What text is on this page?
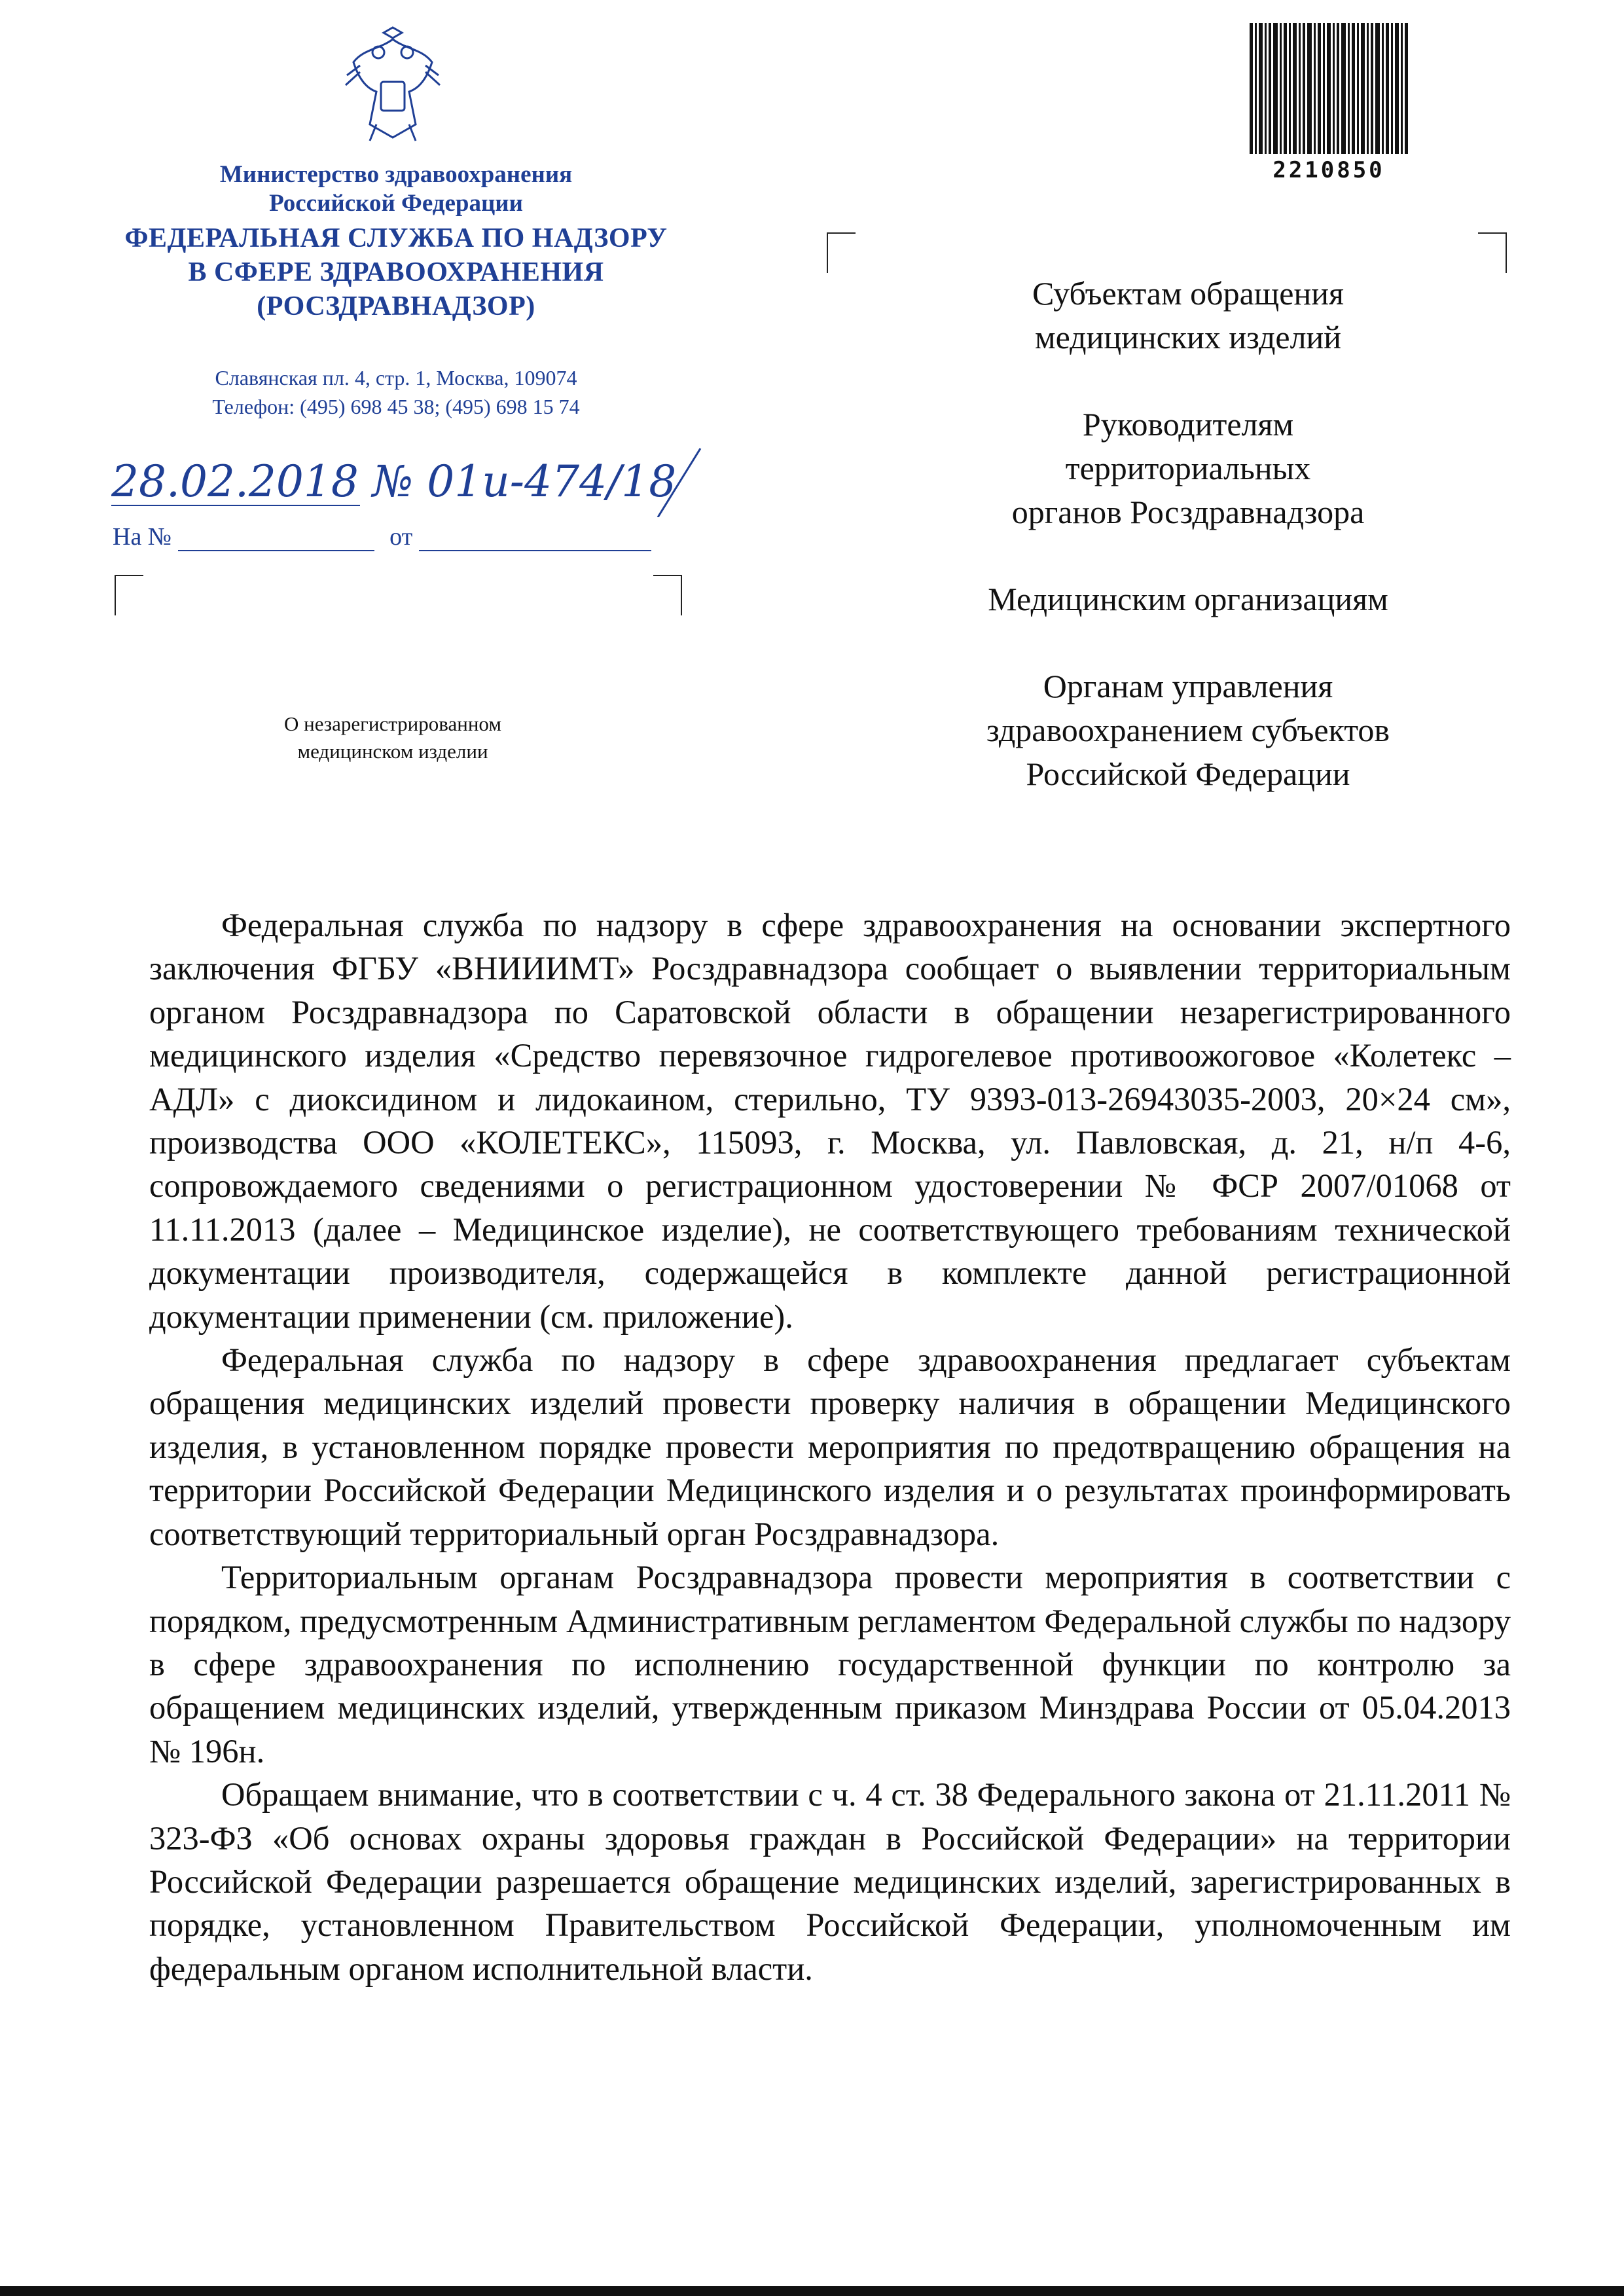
Министерство здравоохранения
Российской Федерации
ФЕДЕРАЛЬНАЯ СЛУЖБА ПО НАДЗОРУ
В СФЕРЕ ЗДРАВООХРАНЕНИЯ
(РОСЗДРАВНАДЗОР)
Славянская пл. 4, стр. 1, Москва, 109074
Телефон: (495) 698 45 38; (495) 698 15 74
28.02.2018 № 01и-474/18
На №	от
О незарегистрированном
медицинском изделии
2210850
Субъектам обращения
медицинских изделий
Руководителям
территориальных
органов Росздравнадзора
Медицинским организациям
Органам управления
здравоохранением субъектов
Российской Федерации

Федеральная служба по надзору в сфере здравоохранения на основании экспертного заключения ФГБУ «ВНИИИМТ» Росздравнадзора сообщает о выявлении территориальным органом Росздравнадзора по Саратовской области в обращении незарегистрированного медицинского изделия «Средство перевязочное гидрогелевое противоожоговое «Колетекс – АДЛ» с диоксидином и лидокаином, стерильно, ТУ 9393-013-26943035-2003, 20×24 см», производства ООО «КОЛЕТЕКС», 115093, г. Москва, ул. Павловская, д. 21, н/п 4-6, сопровождаемого сведениями о регистрационном удостоверении № ФСР 2007/01068 от 11.11.2013 (далее – Медицинское изделие), не соответствующего требованиям технической документации производителя, содержащейся в комплекте данной регистрационной документации применении (см. приложение).

Федеральная служба по надзору в сфере здравоохранения предлагает субъектам обращения медицинских изделий провести проверку наличия в обращении Медицинского изделия, в установленном порядке провести мероприятия по предотвращению обращения на территории Российской Федерации Медицинского изделия и о результатах проинформировать соответствующий территориальный орган Росздравнадзора.

Территориальным органам Росздравнадзора провести мероприятия в соответствии с порядком, предусмотренным Административным регламентом Федеральной службы по надзору в сфере здравоохранения по исполнению государственной функции по контролю за обращением медицинских изделий, утвержденным приказом Минздрава России от 05.04.2013 № 196н.

Обращаем внимание, что в соответствии с ч. 4 ст. 38 Федерального закона от 21.11.2011 № 323-ФЗ «Об основах охраны здоровья граждан в Российской Федерации» на территории Российской Федерации разрешается обращение медицинских изделий, зарегистрированных в порядке, установленном Правительством Российской Федерации, уполномоченным им федеральным органом исполнительной власти.
